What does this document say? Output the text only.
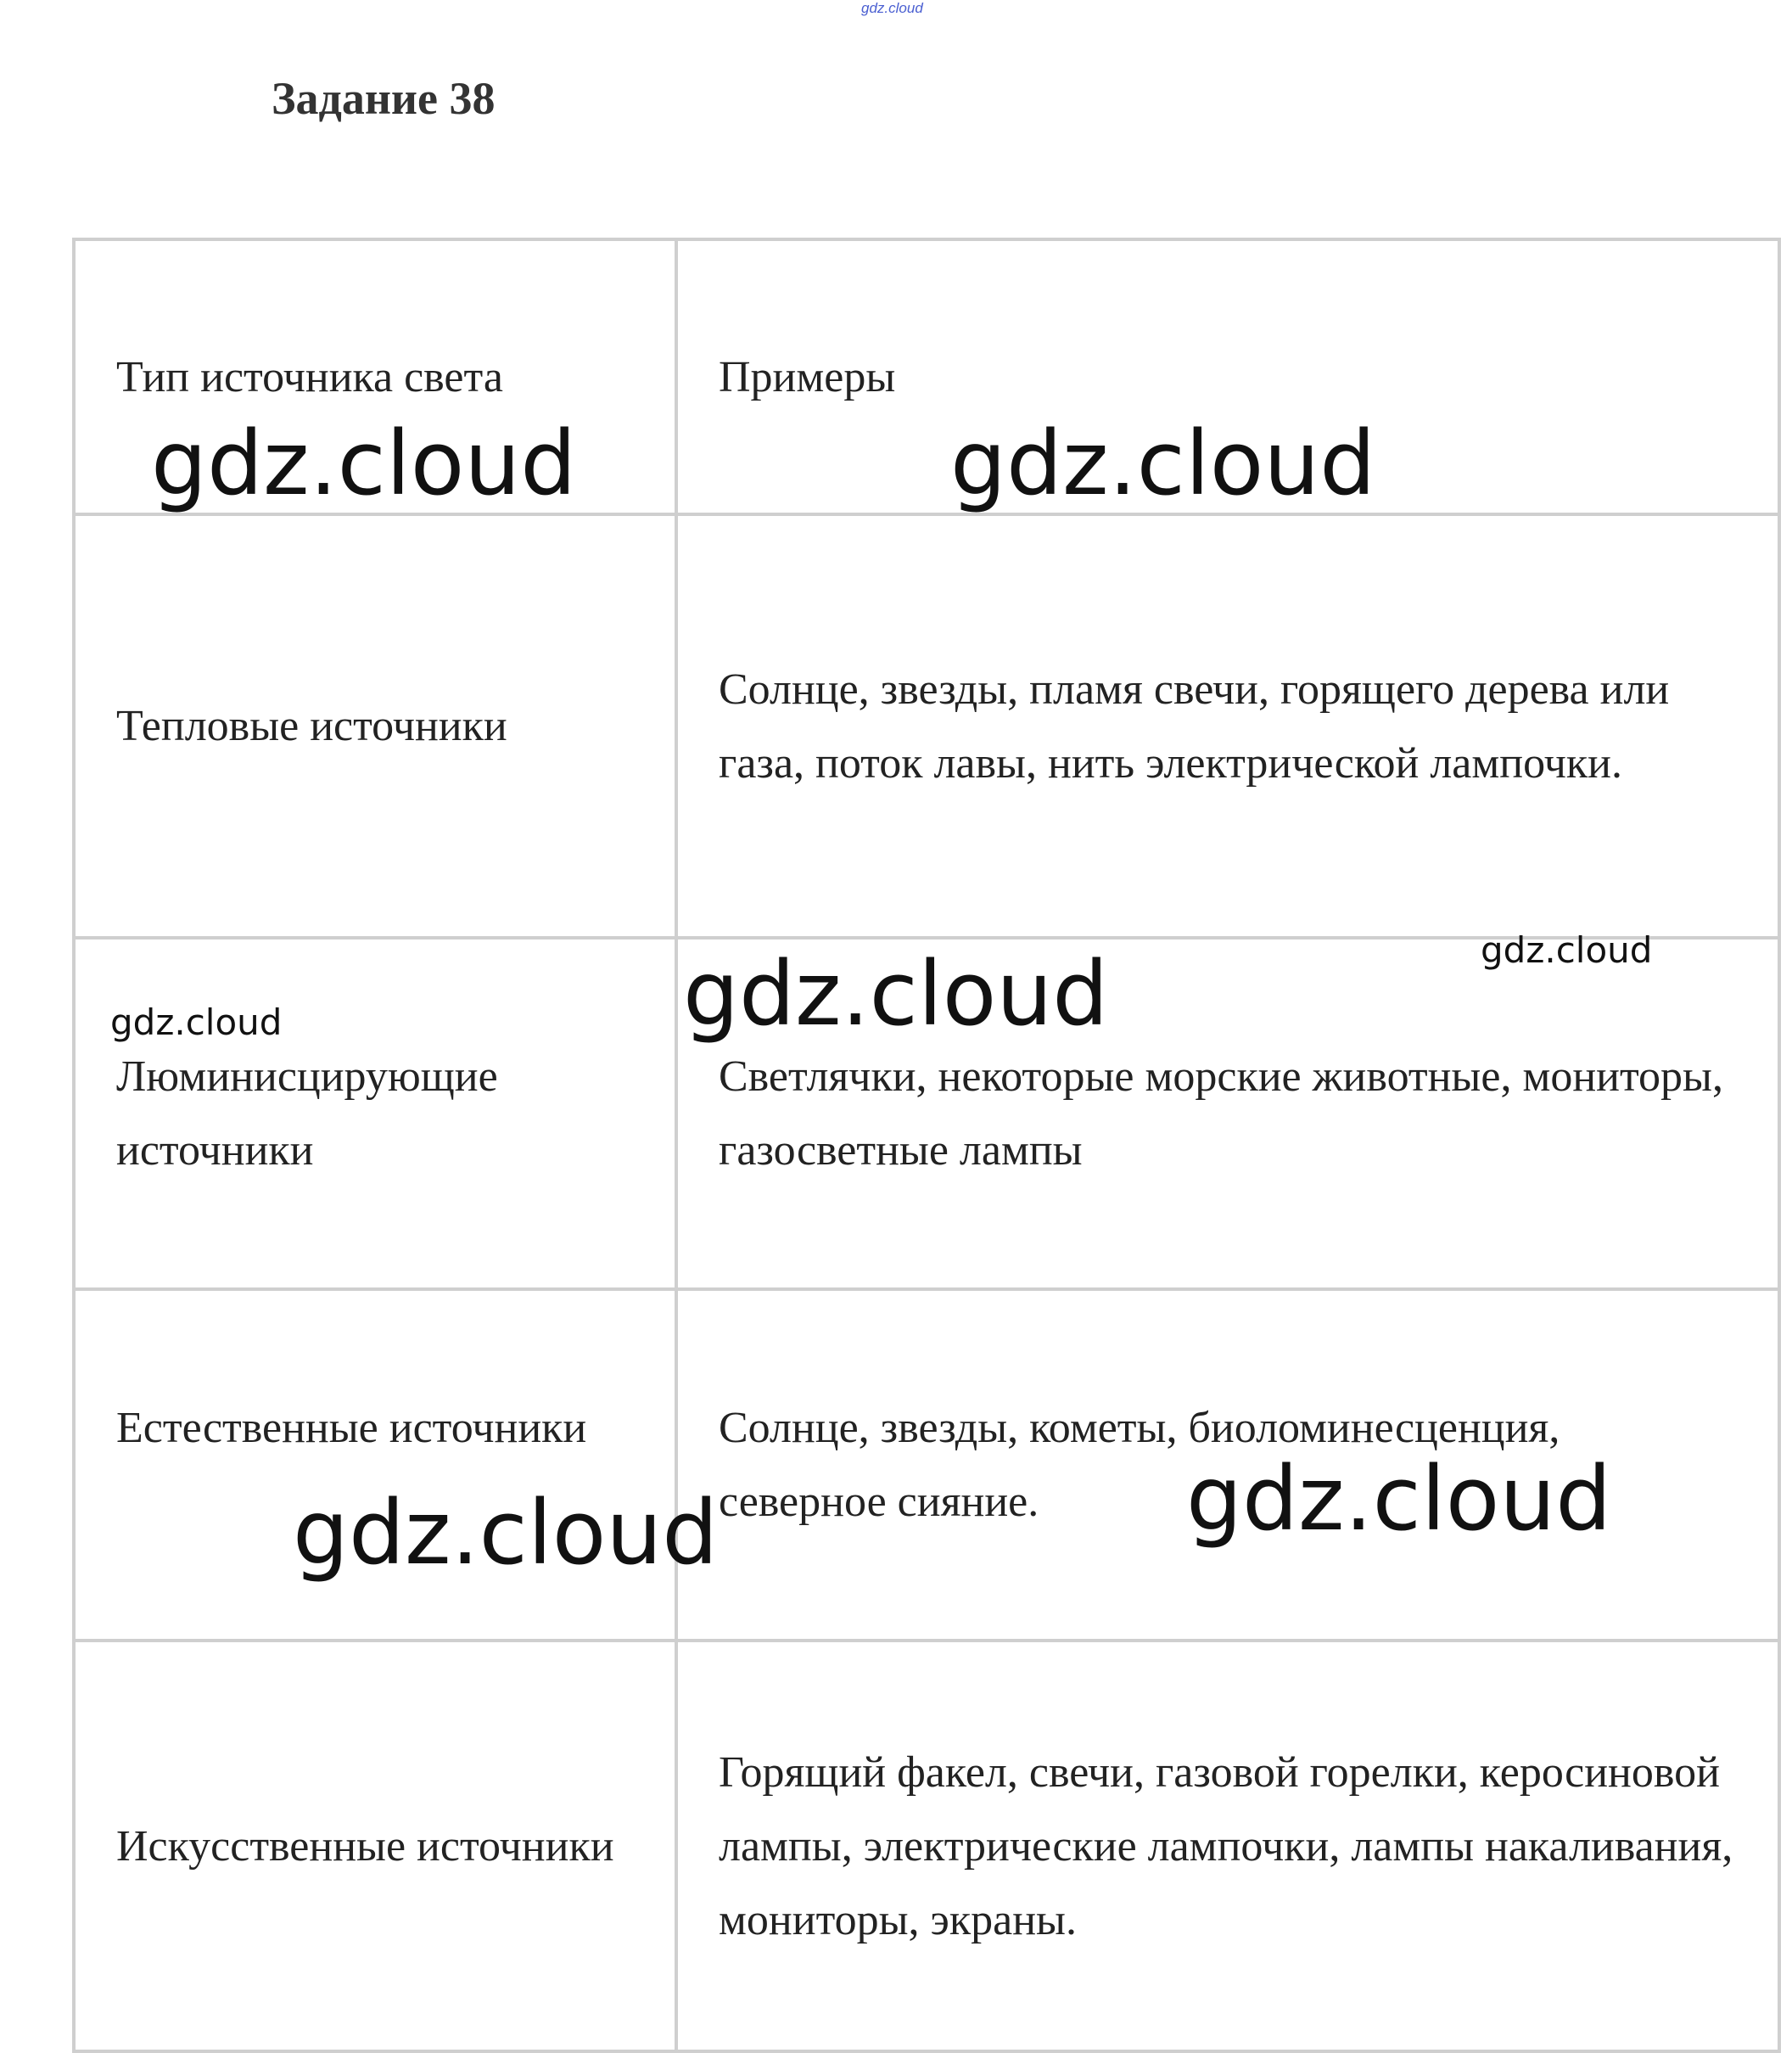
gdz.cloud
Задание 38
Тип источника света	Примеры

Тепловые источники	Солнце, звезды, пламя свечи, горящего дерева или газа, поток лавы, нить электрической лампочки.

Люминисцирующие источники	Светлячки, некоторые морские животные, мониторы, газосветные лампы

Естественные источники	Солнце, звезды, кометы, биоломинесценция, северное сияние.

Искусственные источники	Горящий факел, свечи, газовой горелки, керосиновой лампы, электрические лампочки, лампы накаливания, мониторы, экраны.
gdz.cloud	gdz.cloud
gdz.cloud
gdz.cloud
gdz.cloud
gdz.cloud
gdz.cloud
